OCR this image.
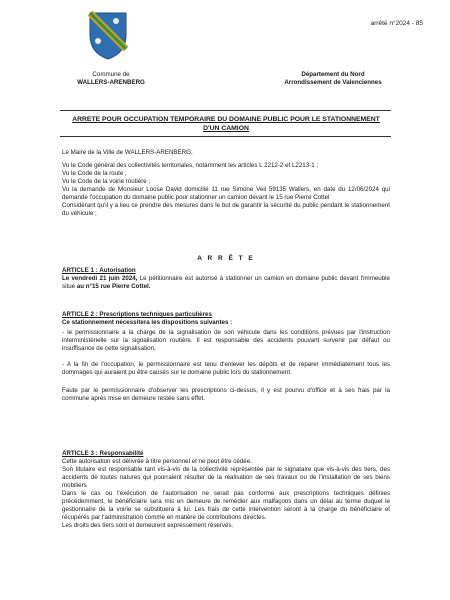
arrêté n°2024 - 85
Commune de
WALLERS-ARENBERG
Département du Nord
Arrondissement de Valenciennes
ARRETE POUR OCCUPATION TEMPORAIRE DU DOMAINE PUBLIC POUR LE STATIONNEMENT D'UN CAMION
Le Maire de la Ville de WALLERS-ARENBERG,

Vu le Code général des collectivités territoriales, notamment les articles L 2212-2 et L2213-1 ;

Vu le Code de la route ;

Vu le Code de la voirie routière ;

Vu la demande de Monsieur Loose David domicilié 11 rue Simone Veil 59135 Wallers, en date du 12/06/2024 qui demande l'occupation du domaine public pour stationner un camion devant le 15 rue Pierre Cottel

Considérant qu'il y a lieu ce prendre des mesures dans le but de garantir la sécurité du public pendant le stationnement du véhicule ;

A R R Ê T E

ARTICLE 1 : Autorisation

Le vendredi 21 juin 2024, Le pétitionnaire est autorisé à stationner un camion en domaine public devant l'immeuble situé au n°15 rue Pierre Cottel.

ARTICLE 2 : Prescriptions techniques particulières

Ce stationnement nécessitera les dispositions suivantes :

- le permissionnaire a la charge de la signalisation de son véhicule dans les conditions prévues par l'instruction interministérielle sur la signalisation routière. Il est responsable des accidents pouvant survenir par défaut ou insuffisance de cette signalisation,

- A la fin de l'occupation, le permissionnaire est tenu d'enlever les dépôts et de réparer immédiatement tous les dommages qui auraient pu être causés sur le domaine public lors du stationnement.

Faute par le permissionnaire d'observer les prescriptions ci-dessus, il y est pourvu d'office et à ses frais par la commune après mise en demeure restée sans effet.

ARTICLE 3 : Responsabilité

Cette autorisation est délivrée à titre personnel et ne peut être cédée.

Son titulaire est responsable tant vis-à-vis de la collectivité représentée par le signataire que vis-à-vis des tiers, des accidents de toutes natures qui pourraient résulter de la réalisation de ses travaux ou de l'installation de ses biens mobiliers

Dans le cas ou l'exécution de l'autorisation ne serait pas conforme aux prescriptions techniques définies précédemment, le bénéficiaire sera mis en demeure de remédier aux malfaçons dans un délai au terme duquel le gestionnaire de la voirie se substituera à lui. Les frais de cette intervention seront à la charge du bénéficiaire et récupérés par l'administration comme en matière de contributions directes.

Les droits des tiers sont et demeurent expressément réservés.
